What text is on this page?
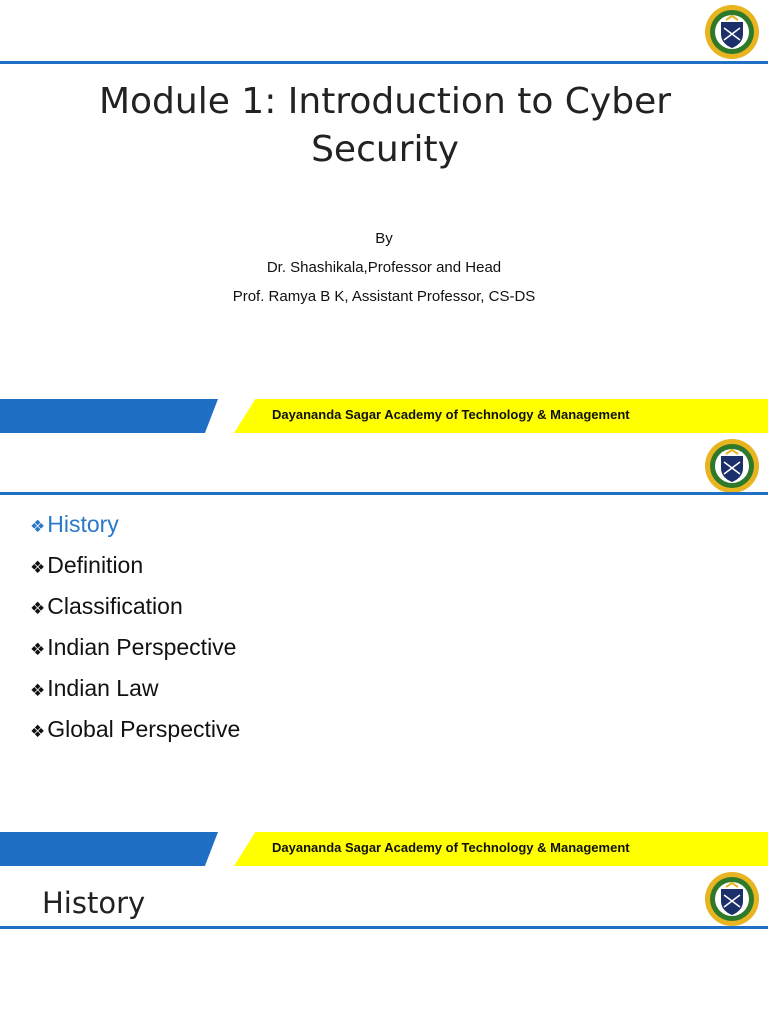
Module 1: Introduction to Cyber
Security
By
Dr. Shashikala,Professor and Head
Prof. Ramya B K, Assistant Professor, CS-DS
Dayananda Sagar Academy of Technology & Management
❖History
❖Definition
❖Classification
❖Indian Perspective
❖Indian Law
❖Global Perspective
Dayananda Sagar Academy of Technology & Management
History
